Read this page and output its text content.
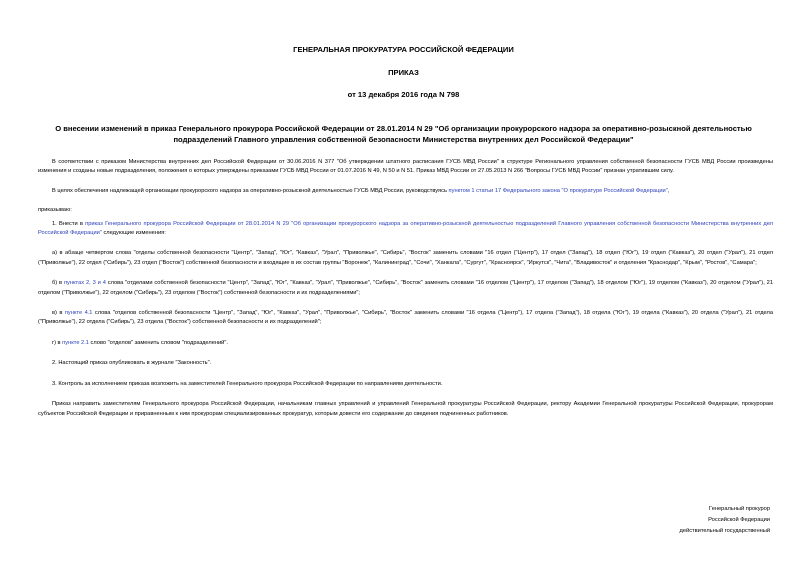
ГЕНЕРАЛЬНАЯ ПРОКУРАТУРА РОССИЙСКОЙ ФЕДЕРАЦИИ
ПРИКАЗ
от 13 декабря 2016 года N 798
О внесении изменений в приказ Генерального прокурора Российской Федерации от 28.01.2014 N 29 "Об организации прокурорского надзора за оперативно-розыскной деятельностью подразделений Главного управления собственной безопасности Министерства внутренних дел Российской Федерации"

В соответствии с приказом Министерства внутренних дел Российской Федерации от 30.06.2016 N 377 "Об утверждении штатного расписания ГУСБ МВД России" в структуре Регионального управления собственной безопасности ГУСБ МВД России произведены изменения и созданы новые подразделения, положения о которых утверждены приказами ГУСБ МВД России от 01.07.2016 N 49, N 50 и N 51. Приказ МВД России от 27.05.2013 N 266 "Вопросы ГУСБ МВД России" признан утратившим силу.

В целях обеспечения надлежащей организации прокурорского надзора за оперативно-розыскной деятельностью ГУСБ МВД России, руководствуясь пунктом 1 статьи 17 Федерального закона "О прокуратуре Российской Федерации",

приказываю:

1. Внести в приказ Генерального прокурора Российской Федерации от 28.01.2014 N 29 "Об организации прокурорского надзора за оперативно-розыскной деятельностью подразделений Главного управления собственной безопасности Министерства внутренних дел Российской Федерации" следующие изменения:

а) в абзаце четвертом слова "отделы собственной безопасности "Центр", "Запад", "Юг", "Кавказ", "Урал", "Приволжье", "Сибирь", "Восток" заменить словами "16 отдел ("Центр"), 17 отдел ("Запад"), 18 отдел ("Юг"), 19 отдел ("Кавказ"), 20 отдел ("Урал"), 21 отдел ("Приволжье"), 22 отдел ("Сибирь"), 23 отдел ("Восток") собственной безопасности и входящие в их состав группы "Воронеж", "Калининград", "Сочи", "Ханкала", "Сургут", "Красноярск", "Иркутск", "Чита", "Владивосток" и отделения "Краснодар", "Крым", "Ростов", "Самара";

б) в пунктах 2, 3 и 4 слова "отделами собственной безопасности "Центр", "Запад", "Юг", "Кавказ", "Урал", "Приволжье", "Сибирь", "Восток" заменить словами "16 отделом ("Центр"), 17 отделом ("Запад"), 18 отделом ("Юг"), 19 отделом ("Кавказ"), 20 отделом ("Урал"), 21 отделом ("Приволжье"), 22 отделом ("Сибирь"), 23 отделом ("Восток") собственной безопасности и их подразделениями";

в) в пункте 4.1 слова "отделов собственной безопасности "Центр", "Запад", "Юг", "Кавказ", "Урал", "Приволжье", "Сибирь", "Восток" заменить словами "16 отдела ("Центр"), 17 отдела ("Запад"), 18 отдела ("Юг"), 19 отдела ("Кавказ"), 20 отдела ("Урал"), 21 отдела ("Приволжье"), 22 отдела ("Сибирь"), 23 отдела ("Восток") собственной безопасности и их подразделений";

г) в пункте 2.1 слово "отделов" заменить словом "подразделений".

2. Настоящий приказ опубликовать в журнале "Законность".

3. Контроль за исполнением приказа возложить на заместителей Генерального прокурора Российской Федерации по направлениям деятельности.

Приказ направить заместителям Генерального прокурора Российской Федерации, начальникам главных управлений и управлений Генеральной прокуратуры Российской Федерации, ректору Академии Генеральной прокуратуры Российской Федерации, прокурорам субъектов Российской Федерации и приравненным к ним прокурорам специализированных прокуратур, которым довести его содержание до сведения подчиненных работников.

Генеральный прокурор
Российской Федерации
действительный государственный
